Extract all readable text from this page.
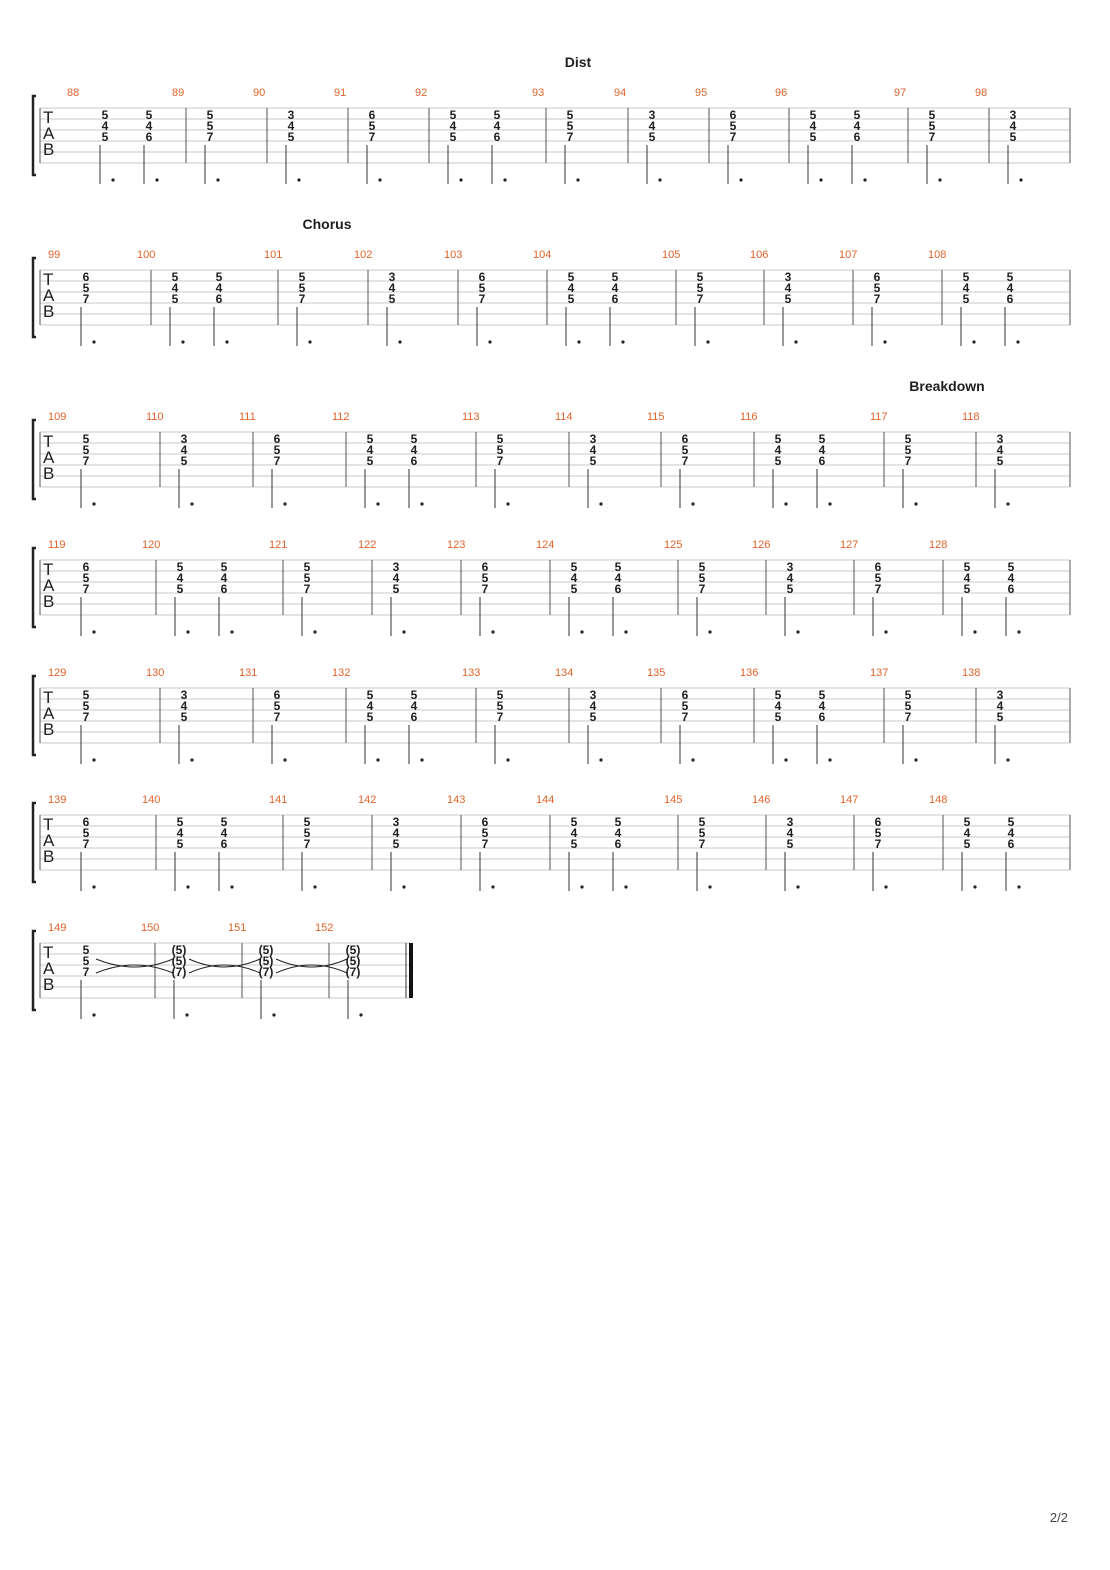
T
A
B
88
5
4
5
5
4
6
89
5
5
7
90
3
4
5
91
6
5
7
92
5
4
5
5
4
6
93
Dist
5
5
7
94
3
4
5
95
6
5
7
96
5
4
5
5
4
6
97
5
5
7
98
3
4
5
T
A
B
99
6
5
7
100
5
4
5
5
4
6
101
Chorus
5
5
7
102
3
4
5
103
6
5
7
104
5
4
5
5
4
6
105
5
5
7
106
3
4
5
107
6
5
7
108
5
4
5
5
4
6
T
A
B
109
5
5
7
110
3
4
5
111
6
5
7
112
5
4
5
5
4
6
113
5
5
7
114
3
4
5
115
6
5
7
116
5
4
5
5
4
6
117
Breakdown
5
5
7
118
3
4
5
T
A
B
119
6
5
7
120
5
4
5
5
4
6
121
5
5
7
122
3
4
5
123
6
5
7
124
5
4
5
5
4
6
125
5
5
7
126
3
4
5
127
6
5
7
128
5
4
5
5
4
6
T
A
B
129
5
5
7
130
3
4
5
131
6
5
7
132
5
4
5
5
4
6
133
5
5
7
134
3
4
5
135
6
5
7
136
5
4
5
5
4
6
137
5
5
7
138
3
4
5
T
A
B
139
6
5
7
140
5
4
5
5
4
6
141
5
5
7
142
3
4
5
143
6
5
7
144
5
4
5
5
4
6
145
5
5
7
146
3
4
5
147
6
5
7
148
5
4
5
5
4
6
T
A
B
149
5
5
7
150
(5)
(5)
(7)
151
(5)
(5)
(7)
152
(5)
(5)
(7)
2/2
